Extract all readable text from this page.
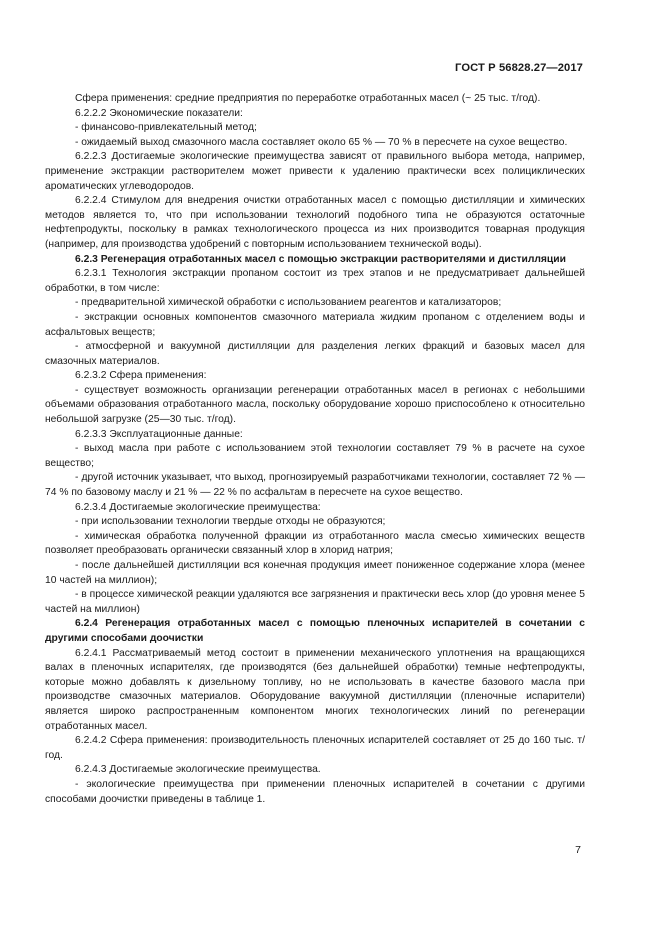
ГОСТ Р 56828.27—2017

Сфера применения: средние предприятия по переработке отработанных масел (~ 25 тыс. т/год).

6.2.2.2 Экономические показатели:

- финансово-привлекательный метод;

- ожидаемый выход смазочного масла составляет около 65 % — 70 % в пересчете на сухое вещество.

6.2.2.3 Достигаемые экологические преимущества зависят от правильного выбора метода, например, применение экстракции растворителем может привести к удалению практически всех полициклических ароматических углеводородов.

6.2.2.4 Стимулом для внедрения очистки отработанных масел с помощью дистилляции и химических методов является то, что при использовании технологий подобного типа не образуются остаточные нефтепродукты, поскольку в рамках технологического процесса из них производится товарная продукция (например, для производства удобрений с повторным использованием технической воды).

6.2.3 Регенерация отработанных масел с помощью экстракции растворителями и дистилляции

6.2.3.1 Технология экстракции пропаном состоит из трех этапов и не предусматривает дальнейшей обработки, в том числе:

- предварительной химической обработки с использованием реагентов и катализаторов;

- экстракции основных компонентов смазочного материала жидким пропаном с отделением воды и асфальтовых веществ;

- атмосферной и вакуумной дистилляции для разделения легких фракций и базовых масел для смазочных материалов.

6.2.3.2 Сфера применения:

- существует возможность организации регенерации отработанных масел в регионах с небольшими объемами образования отработанного масла, поскольку оборудование хорошо приспособлено к относительно небольшой загрузке (25—30 тыс. т/год).

6.2.3.3 Эксплуатационные данные:

- выход масла при работе с использованием этой технологии составляет 79 % в расчете на сухое вещество;

- другой источник указывает, что выход, прогнозируемый разработчиками технологии, составляет 72 % — 74 % по базовому маслу и 21 % — 22 % по асфальтам в пересчете на сухое вещество.

6.2.3.4 Достигаемые экологические преимущества:

- при использовании технологии твердые отходы не образуются;

- химическая обработка полученной фракции из отработанного масла смесью химических веществ позволяет преобразовать органически связанный хлор в хлорид натрия;

- после дальнейшей дистилляции вся конечная продукция имеет пониженное содержание хлора (менее 10 частей на миллион);

- в процессе химической реакции удаляются все загрязнения и практически весь хлор (до уровня менее 5 частей на миллион)

6.2.4 Регенерация отработанных масел с помощью пленочных испарителей в сочетании с другими способами доочистки

6.2.4.1 Рассматриваемый метод состоит в применении механического уплотнения на вращающихся валах в пленочных испарителях, где производятся (без дальнейшей обработки) темные нефтепродукты, которые можно добавлять к дизельному топливу, но не использовать в качестве базового масла при производстве смазочных материалов. Оборудование вакуумной дистилляции (пленочные испарители) является широко распространенным компонентом многих технологических линий по регенерации отработанных масел.

6.2.4.2 Сфера применения: производительность пленочных испарителей составляет от 25 до 160 тыс. т/год.

6.2.4.3 Достигаемые экологические преимущества.

- экологические преимущества при применении пленочных испарителей в сочетании с другими способами доочистки приведены в таблице 1.

7
